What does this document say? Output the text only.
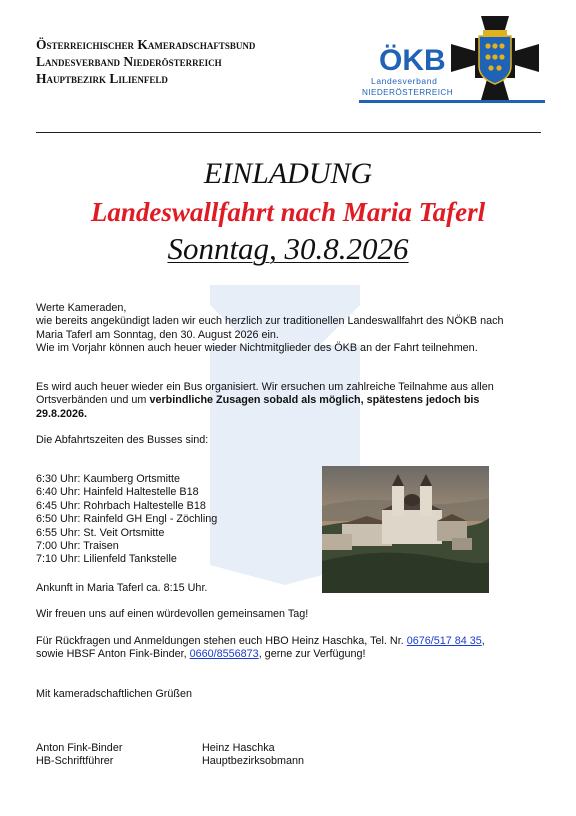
Österreichischer Kameradschaftsbund
Landesverband Niederösterreich
Hauptbezirk Lilienfeld
ÖKB
Landesverband
NIEDERÖSTERREICH
EINLADUNG
Landeswallfahrt nach Maria Taferl
Sonntag, 30.8.2026
Werte Kameraden,
wie bereits angekündigt laden wir euch herzlich zur traditionellen Landeswallfahrt des NÖKB nach
Maria Taferl am Sonntag, den 30. August 2026 ein.
Wie im Vorjahr können auch heuer wieder Nichtmitglieder des ÖKB an der Fahrt teilnehmen.
Es wird auch heuer wieder ein Bus organisiert. Wir ersuchen um zahlreiche Teilnahme aus allen
Ortsverbänden und um verbindliche Zusagen sobald als möglich, spätestens jedoch bis
29.8.2026.
Die Abfahrtszeiten des Busses sind:
6:30 Uhr: Kaumberg Ortsmitte
6:40 Uhr: Hainfeld Haltestelle B18
6:45 Uhr: Rohrbach Haltestelle B18
6:50 Uhr: Rainfeld GH Engl - Zöchling
6:55 Uhr: St. Veit Ortsmitte
7:00 Uhr: Traisen
7:10 Uhr: Lilienfeld Tankstelle
Ankunft in Maria Taferl ca. 8:15 Uhr.
Wir freuen uns auf einen würdevollen gemeinsamen Tag!
Für Rückfragen und Anmeldungen stehen euch HBO Heinz Haschka, Tel. Nr. 0676/517 84 35,
sowie HBSF Anton Fink-Binder, 0660/8556873, gerne zur Verfügung!
Mit kameradschaftlichen Grüßen
Anton Fink-Binder
HB-Schriftführer
Heinz Haschka
Hauptbezirksobmann
